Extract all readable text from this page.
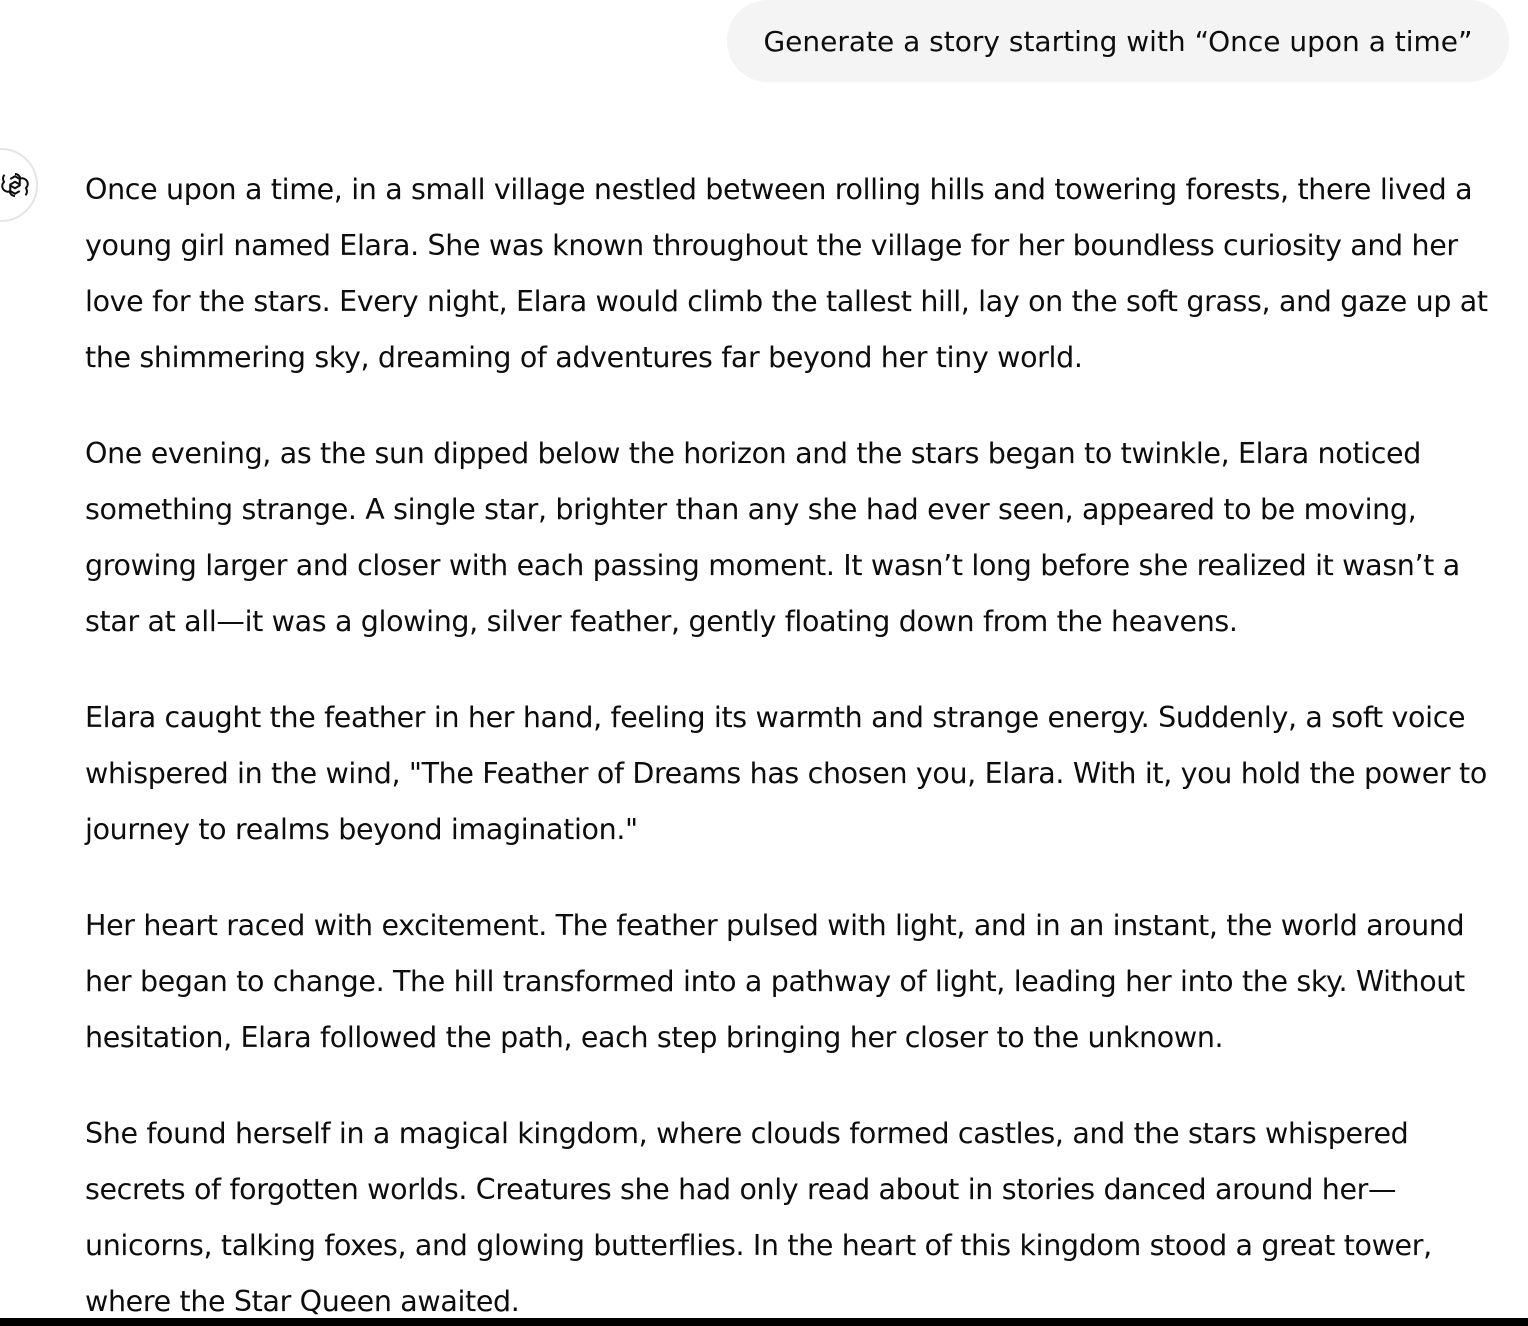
Generate a story starting with “Once upon a time”

Once upon a time, in a small village nestled between rolling hills and towering forests, there lived a young girl named Elara. She was known throughout the village for her boundless curiosity and her love for the stars. Every night, Elara would climb the tallest hill, lay on the soft grass, and gaze up at the shimmering sky, dreaming of adventures far beyond her tiny world.

One evening, as the sun dipped below the horizon and the stars began to twinkle, Elara noticed something strange. A single star, brighter than any she had ever seen, appeared to be moving, growing larger and closer with each passing moment. It wasn’t long before she realized it wasn’t a star at all—it was a glowing, silver feather, gently floating down from the heavens.

Elara caught the feather in her hand, feeling its warmth and strange energy. Suddenly, a soft voice whispered in the wind, "The Feather of Dreams has chosen you, Elara. With it, you hold the power to journey to realms beyond imagination."

Her heart raced with excitement. The feather pulsed with light, and in an instant, the world around her began to change. The hill transformed into a pathway of light, leading her into the sky. Without hesitation, Elara followed the path, each step bringing her closer to the unknown.

She found herself in a magical kingdom, where clouds formed castles, and the stars whispered secrets of forgotten worlds. Creatures she had only read about in stories danced around her—unicorns, talking foxes, and glowing butterflies. In the heart of this kingdom stood a great tower, where the Star Queen awaited.
